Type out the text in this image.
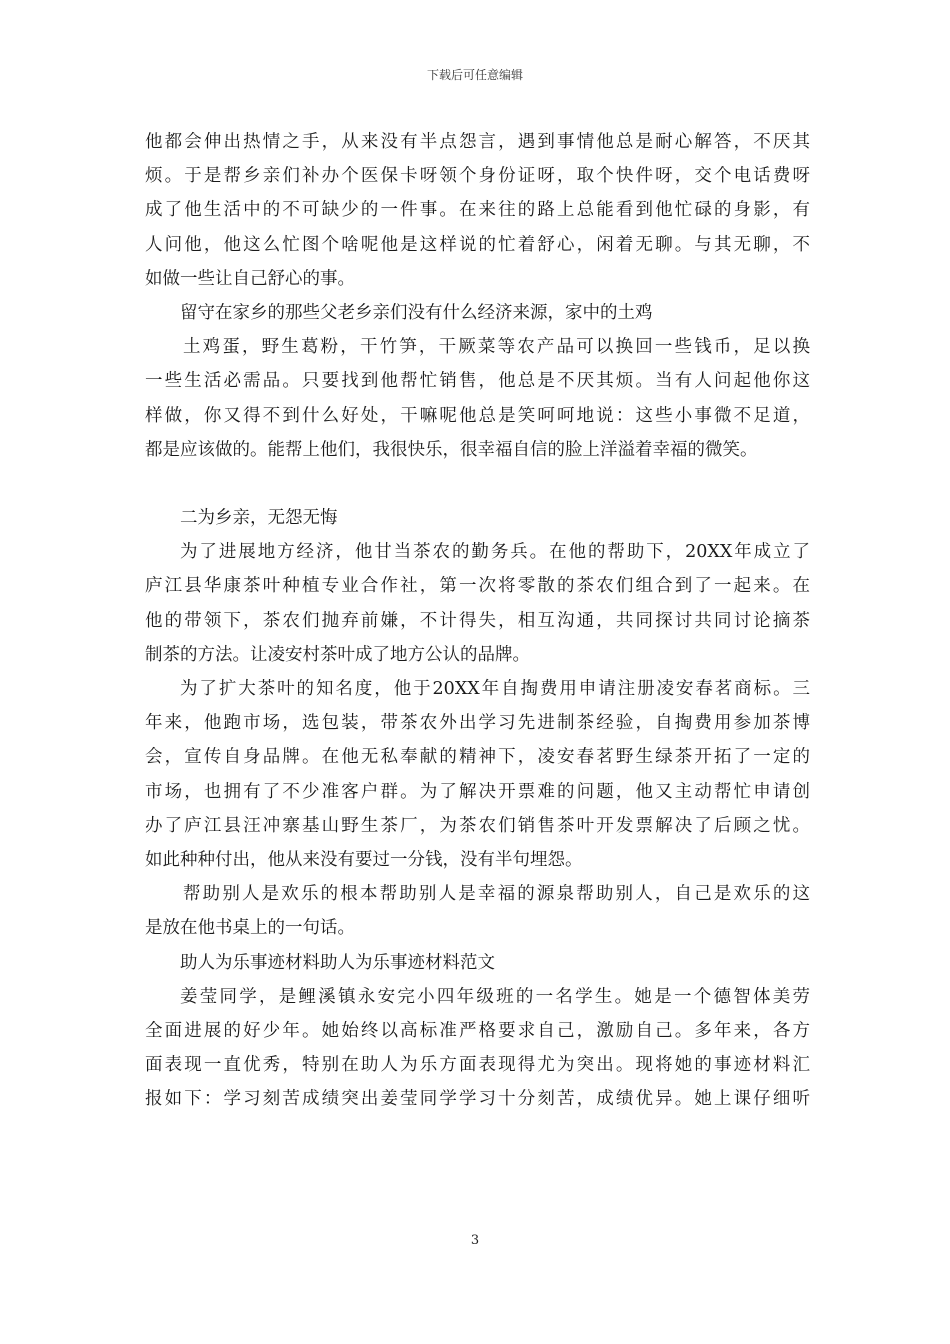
下载后可任意编辑

他都会伸出热情之手，从来没有半点怨言，遇到事情他总是耐心解答，不厌其
烦。于是帮乡亲们补办个医保卡呀领个身份证呀，取个快件呀，交个电话费呀
成了他生活中的不可缺少的一件事。在来往的路上总能看到他忙碌的身影，有
人问他，他这么忙图个啥呢他是这样说的忙着舒心，闲着无聊。与其无聊，不
如做一些让自己舒心的事。

留守在家乡的那些父老乡亲们没有什么经济来源，家中的土鸡

土鸡蛋，野生葛粉，干竹笋，干厥菜等农产品可以换回一些钱币，足以换
一些生活必需品。只要找到他帮忙销售，他总是不厌其烦。当有人问起他你这
样做，你又得不到什么好处，干嘛呢他总是笑呵呵地说：这些小事微不足道，
都是应该做的。能帮上他们，我很快乐，很幸福自信的脸上洋溢着幸福的微笑。

二为乡亲，无怨无悔

为了进展地方经济，他甘当茶农的勤务兵。在他的帮助下，20XX年成立了
庐江县华康茶叶种植专业合作社，第一次将零散的茶农们组合到了一起来。在
他的带领下，茶农们抛弃前嫌，不计得失，相互沟通，共同探讨共同讨论摘茶
制茶的方法。让凌安村茶叶成了地方公认的品牌。

为了扩大茶叶的知名度，他于20XX年自掏费用申请注册凌安春茗商标。三
年来，他跑市场，选包装，带茶农外出学习先进制茶经验，自掏费用参加茶博
会，宣传自身品牌。在他无私奉献的精神下，凌安春茗野生绿茶开拓了一定的
市场，也拥有了不少准客户群。为了解决开票难的问题，他又主动帮忙申请创
办了庐江县汪冲寨基山野生茶厂，为茶农们销售茶叶开发票解决了后顾之忧。
如此种种付出，他从来没有要过一分钱，没有半句埋怨。

帮助别人是欢乐的根本帮助别人是幸福的源泉帮助别人，自己是欢乐的这
是放在他书桌上的一句话。

助人为乐事迹材料助人为乐事迹材料范文

姜莹同学，是鲤溪镇永安完小四年级班的一名学生。她是一个德智体美劳
全面进展的好少年。她始终以高标准严格要求自己，激励自己。多年来，各方
面表现一直优秀，特别在助人为乐方面表现得尤为突出。现将她的事迹材料汇
报如下：学习刻苦成绩突出姜莹同学学习十分刻苦，成绩优异。她上课仔细听

3
